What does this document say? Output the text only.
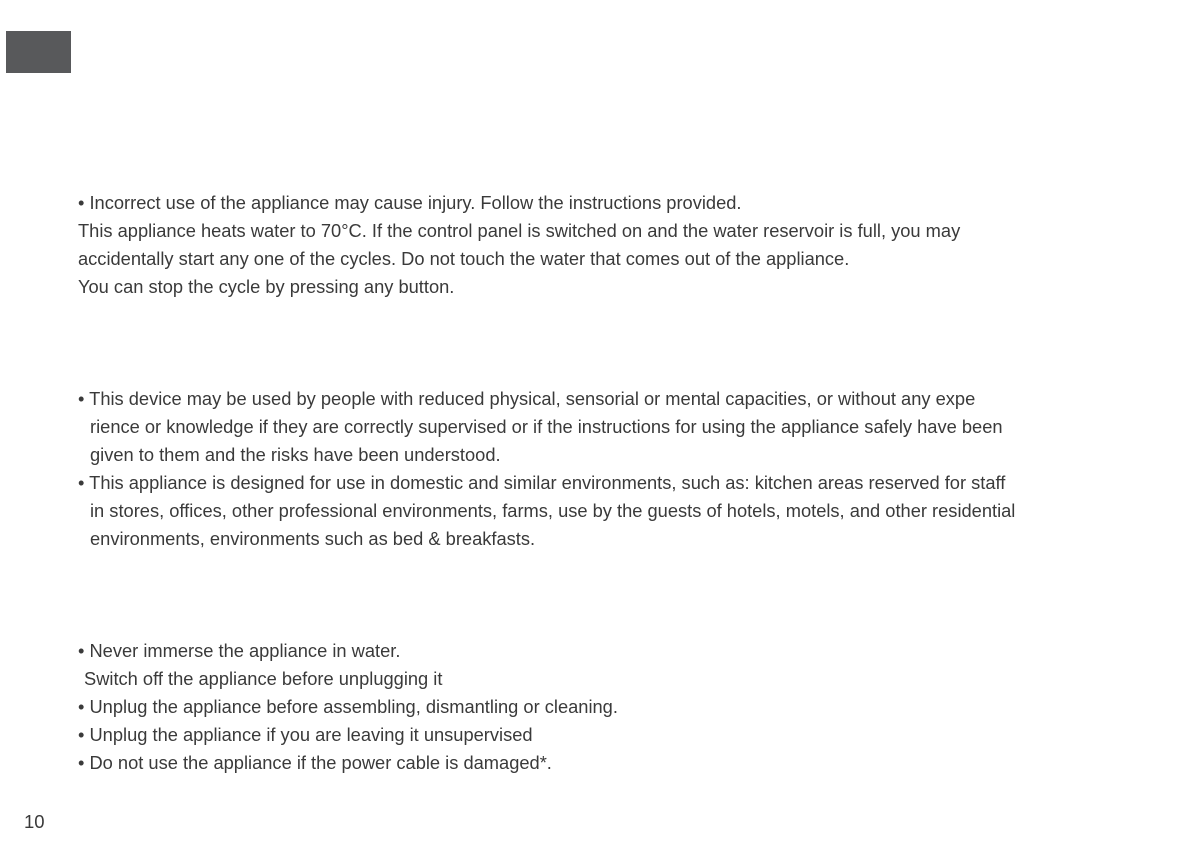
• Incorrect use of the appliance may cause injury. Follow the instructions provided.
This appliance heats water to 70°C. If the control panel is switched on and the water reservoir is full, you may
accidentally start any one of the cycles. Do not touch the water that comes out of the appliance.
You can stop the cycle by pressing any button.
• This device may be used by people with reduced physical, sensorial or mental capacities, or without any expe
rience or knowledge if they are correctly supervised or if the instructions for using the appliance safely have been
given to them and the risks have been understood.
• This appliance is designed for use in domestic and similar environments, such as: kitchen areas reserved for staff
in stores, offices, other professional environments, farms, use by the guests of hotels, motels, and other residential
environments, environments such as bed & breakfasts.
• Never immerse the appliance in water.
Switch off the appliance before unplugging it
• Unplug the appliance before assembling, dismantling or cleaning.
• Unplug the appliance if you are leaving it unsupervised
• Do not use the appliance if the power cable is damaged*.
10
